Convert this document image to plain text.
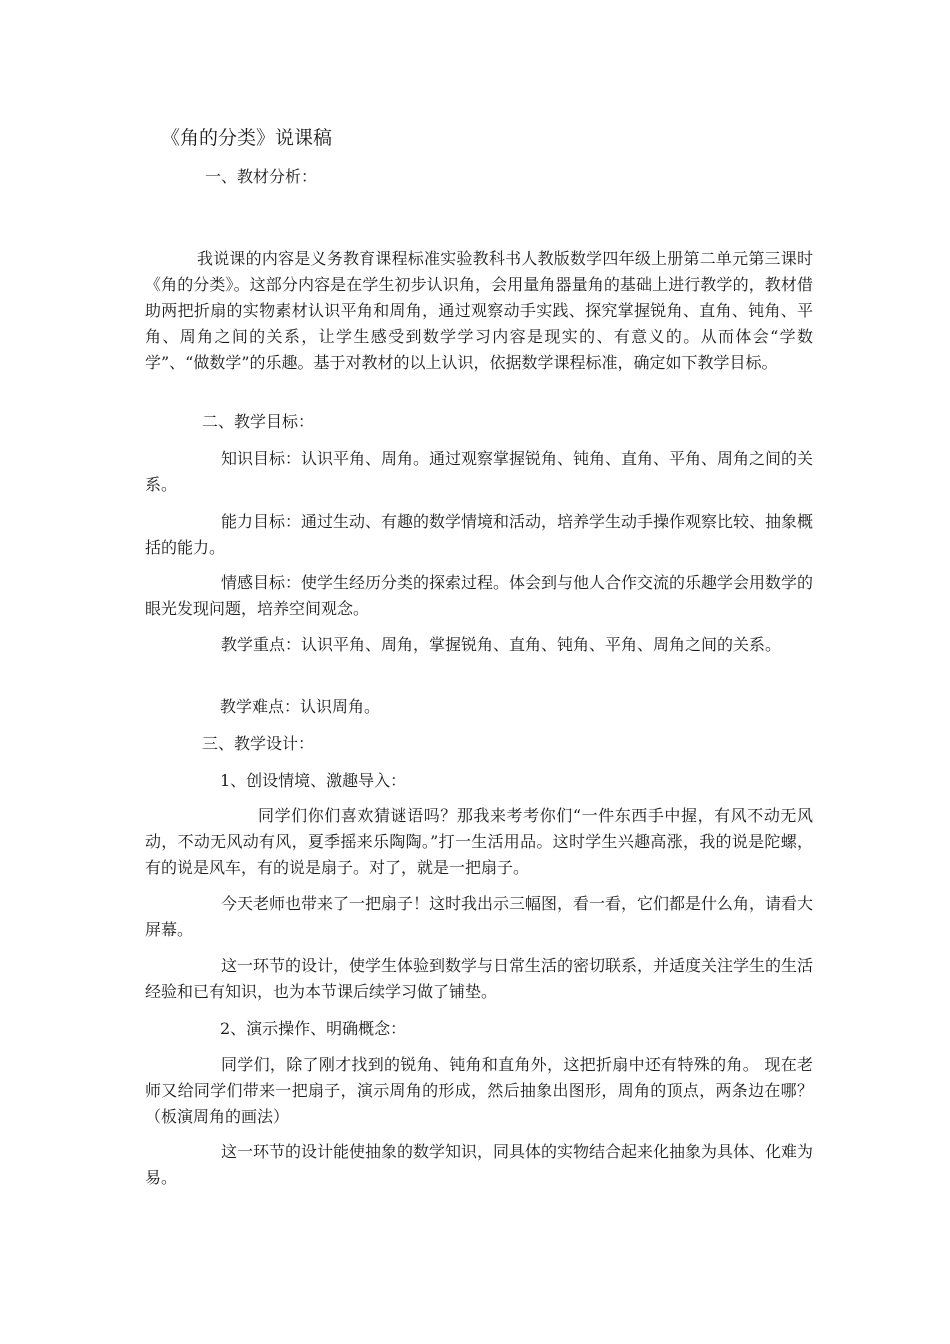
《角的分类》说课稿
一、教材分析：
我说课的内容是义务教育课程标准实验教科书人教版数学四年级上册第二单元第三课时《角的分类》。这部分内容是在学生初步认识角，会用量角器量角的基础上进行教学的，教材借助两把折扇的实物素材认识平角和周角，通过观察动手实践、探究掌握锐角、直角、钝角、平角、周角之间的关系，让学生感受到数学学习内容是现实的、有意义的。从而体会“学数学”、“做数学”的乐趣。基于对教材的以上认识，依据数学课程标准，确定如下教学目标。
二、教学目标：
知识目标：认识平角、周角。通过观察掌握锐角、钝角、直角、平角、周角之间的关系。
能力目标：通过生动、有趣的数学情境和活动，培养学生动手操作观察比较、抽象概括的能力。
情感目标：使学生经历分类的探索过程。体会到与他人合作交流的乐趣学会用数学的眼光发现问题，培养空间观念。
教学重点：认识平角、周角，掌握锐角、直角、钝角、平角、周角之间的关系。
教学难点：认识周角。
三、教学设计：
1、创设情境、激趣导入：
同学们你们喜欢猜谜语吗？那我来考考你们“一件东西手中握，有风不动无风动，不动无风动有风，夏季摇来乐陶陶。”打一生活用品。这时学生兴趣高涨，我的说是陀螺，有的说是风车，有的说是扇子。对了，就是一把扇子。
今天老师也带来了一把扇子！这时我出示三幅图，看一看，它们都是什么角，请看大屏幕。
这一环节的设计，使学生体验到数学与日常生活的密切联系，并适度关注学生的生活经验和已有知识，也为本节课后续学习做了铺垫。
2、演示操作、明确概念：
同学们，除了刚才找到的锐角、钝角和直角外，这把折扇中还有特殊的角。 现在老师又给同学们带来一把扇子，演示周角的形成，然后抽象出图形，周角的顶点，两条边在哪？（板演周角的画法）
这一环节的设计能使抽象的数学知识，同具体的实物结合起来化抽象为具体、化难为易。
